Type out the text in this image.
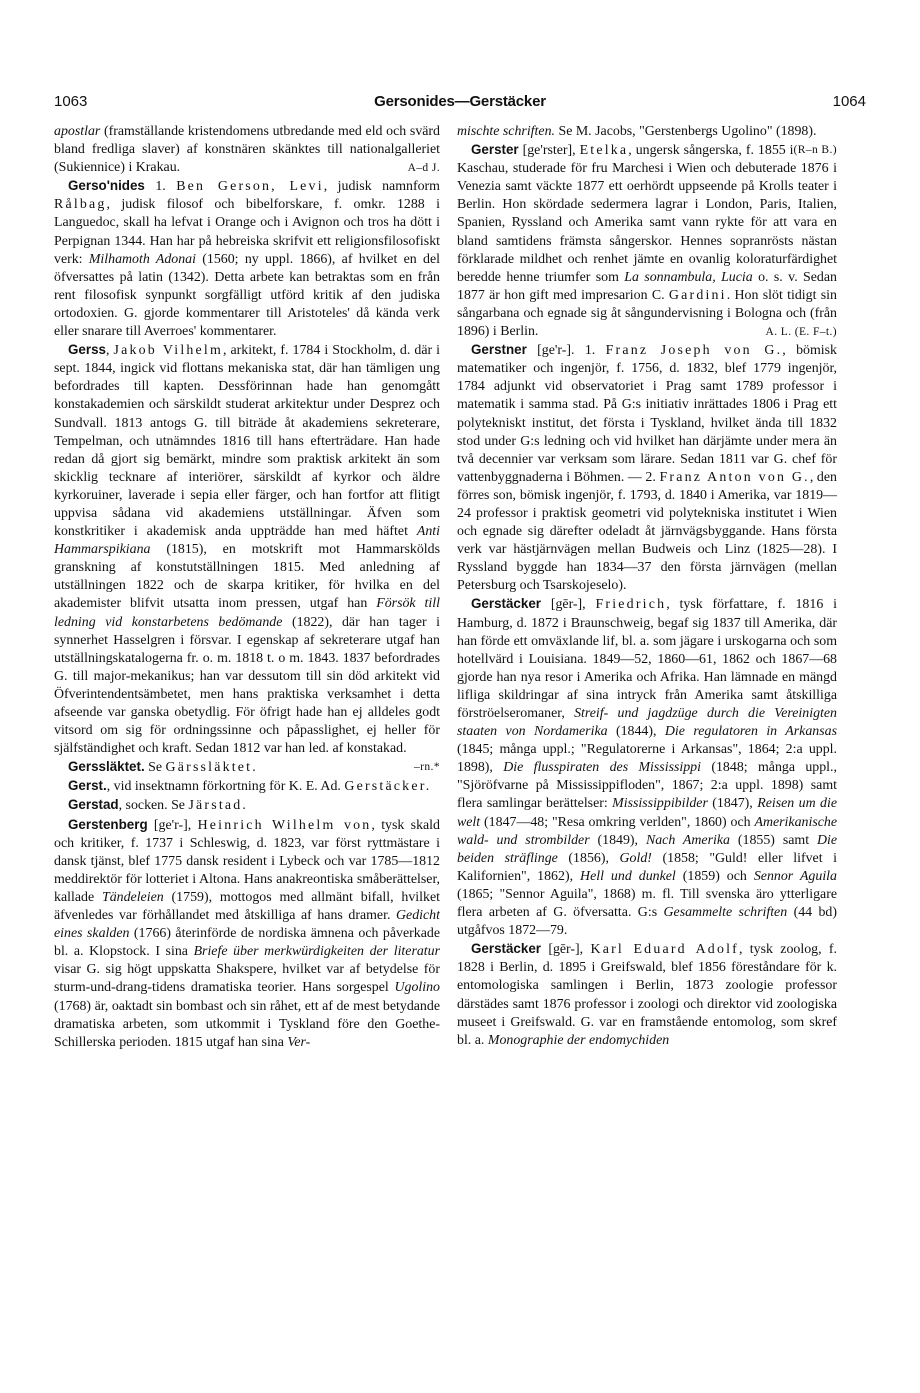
1063	Gersonides—Gerstäcker	1064

apostlar (framställande kristendomens utbredande med eld och svärd bland fredliga slaver) af konstnären skänktes till nationalgalleriet (Sukiennice) i Krakau.	A–d J.

Gerso'nides 1. Ben Gerson, Levi, judisk namnform Rålbag, judisk filosof och bibelforskare, f. omkr. 1288 i Languedoc, skall ha lefvat i Orange och i Avignon och tros ha dött i Perpignan 1344. Han har på hebreiska skrifvit ett religionsfilosofiskt verk: Milhamoth Adonai (1560; ny uppl. 1866), af hvilket en del öfversattes på latin (1342). Detta arbete kan betraktas som en från rent filosofisk synpunkt sorgfälligt utförd kritik af den judiska ortodoxien. G. gjorde kommentarer till Aristoteles' då kända verk eller snarare till Averroes' kommentarer.

Gerss, Jakob Vilhelm, arkitekt, f. 1784 i Stockholm, d. där i sept. 1844, ingick vid flottans mekaniska stat, där han tämligen ung befordrades till kapten. Dessförinnan hade han genomgått konstakademien och särskildt studerat arkitektur under Desprez och Sundvall. 1813 antogs G. till biträde åt akademiens sekreterare, Tempelman, och utnämndes 1816 till hans efterträdare. Han hade redan då gjort sig bemärkt, mindre som praktisk arkitekt än som skicklig tecknare af interiörer, särskildt af kyrkor och äldre kyrkoruiner, laverade i sepia eller färger, och han fortfor att flitigt uppvisa sådana vid akademiens utställningar. Äfven som konstkritiker i akademisk anda uppträdde han med häftet Anti Hammarspikiana (1815), en motskrift mot Hammarskölds granskning af konstutställningen 1815. Med anledning af utställningen 1822 och de skarpa kritiker, för hvilka en del akademister blifvit utsatta inom pressen, utgaf han Försök till ledning vid konstarbetens bedömande (1822), där han tager i synnerhet Hasselgren i försvar. I egenskap af sekreterare utgaf han utställningskatalogerna fr. o. m. 1818 t. o m. 1843. 1837 befordrades G. till major-mekanikus; han var dessutom till sin död arkitekt vid Öfverintendentsämbetet, men hans praktiska verksamhet i detta afseende var ganska obetydlig. För öfrigt hade han ej alldeles godt vitsord om sig för ordningssinne och påpasslighet, ej heller för själfständighet och kraft. Sedan 1812 var han led. af konstakad.
–rn.*

Gerssläktet. Se Gärssläktet.

Gerst., vid insektnamn förkortning för K. E. Ad. Gerstäcker.

Gerstad, socken. Se Järstad.

Gerstenberg [ge'r-], Heinrich Wilhelm von, tysk skald och kritiker, f. 1737 i Schleswig, d. 1823, var först ryttmästare i dansk tjänst, blef 1775 dansk resident i Lybeck och var 1785—1812 meddirektör för lotteriet i Altona. Hans anakreontiska småberättelser, kallade Tändeleien (1759), mottogos med allmänt bifall, hvilket äfvenledes var förhållandet med åtskilliga af hans dramer. Gedicht eines skalden (1766) återinförde de nordiska ämnena och påverkade bl. a. Klopstock. I sina Briefe über merkwürdigkeiten der literatur visar G. sig högt uppskatta Shakspere, hvilket var af betydelse för sturm-und-drang-tidens dramatiska teorier. Hans sorgespel Ugolino (1768) är, oaktadt sin bombast och sin råhet, ett af de mest betydande dramatiska arbeten, som utkommit i Tyskland före den Goethe-Schillerska perioden. 1815 utgaf han sina Ver-

mischte schriften. Se M. Jacobs, "Gerstenbergs Ugolino" (1898).
(R–n B.)

Gerster [ge'rster], Etelka, ungersk sångerska, f. 1855 i Kaschau, studerade för fru Marchesi i Wien och debuterade 1876 i Venezia samt väckte 1877 ett oerhördt uppseende på Krolls teater i Berlin. Hon skördade sedermera lagrar i London, Paris, Italien, Spanien, Ryssland och Amerika samt vann rykte för att vara en bland samtidens främsta sångerskor. Hennes sopranrösts nästan förklarade mildhet och renhet jämte en ovanlig koloraturfärdighet beredde henne triumfer som La sonnambula, Lucia o. s. v. Sedan 1877 är hon gift med impresarion C. Gardini. Hon slöt tidigt sin sångarbana och egnade sig åt sångundervisning i Bologna och (från 1896) i Berlin.	A. L. (E. F–t.)

Gerstner [ge'r-]. 1. Franz Joseph von G., bömisk matematiker och ingenjör, f. 1756, d. 1832, blef 1779 ingenjör, 1784 adjunkt vid observatoriet i Prag samt 1789 professor i matematik i samma stad. På G:s initiativ inrättades 1806 i Prag ett polytekniskt institut, det första i Tyskland, hvilket ända till 1832 stod under G:s ledning och vid hvilket han därjämte under mera än två decennier var verksam som lärare. Sedan 1811 var G. chef för vattenbyggnaderna i Böhmen. — 2. Franz Anton von G., den förres son, bömisk ingenjör, f. 1793, d. 1840 i Amerika, var 1819—24 professor i praktisk geometri vid polytekniska institutet i Wien och egnade sig därefter odeladt åt järnvägsbyggande. Hans första verk var hästjärnvägen mellan Budweis och Linz (1825—28). I Ryssland byggde han 1834—37 den första järnvägen (mellan Petersburg och Tsarskojeselo).

Gerstäcker [gēr-], Friedrich, tysk författare, f. 1816 i Hamburg, d. 1872 i Braunschweig, begaf sig 1837 till Amerika, där han förde ett omväxlande lif, bl. a. som jägare i urskogarna och som hotellvärd i Louisiana. 1849—52, 1860—61, 1862 och 1867—68 gjorde han nya resor i Amerika och Afrika. Han lämnade en mängd lifliga skildringar af sina intryck från Amerika samt åtskilliga förströelseromaner, Streif- und jagdzüge durch die Vereinigten staaten von Nordamerika (1844), Die regulatoren in Arkansas (1845; många uppl.; "Regulatorerne i Arkansas", 1864; 2:a uppl. 1898), Die flusspiraten des Mississippi (1848; många uppl., "Sjöröfvarne på Mississippifloden", 1867; 2:a uppl. 1898) samt flera samlingar berättelser: Mississippibilder (1847), Reisen um die welt (1847—48; "Resa omkring verlden", 1860) och Amerikanische wald- und strombilder (1849), Nach Amerika (1855) samt Die beiden sträflinge (1856), Gold! (1858; "Guld! eller lifvet i Kalifornien", 1862), Hell und dunkel (1859) och Sennor Aguila (1865; "Sennor Aguila", 1868) m. fl. Till svenska äro ytterligare flera arbeten af G. öfversatta. G:s Gesammelte schriften (44 bd) utgåfvos 1872—79.

Gerstäcker [gēr-], Karl Eduard Adolf, tysk zoolog, f. 1828 i Berlin, d. 1895 i Greifswald, blef 1856 föreståndare för k. entomologiska samlingen i Berlin, 1873 zoologie professor därstädes samt 1876 professor i zoologi och direktor vid zoologiska museet i Greifswald. G. var en framstående entomolog, som skref bl. a. Monographie der endomychiden
